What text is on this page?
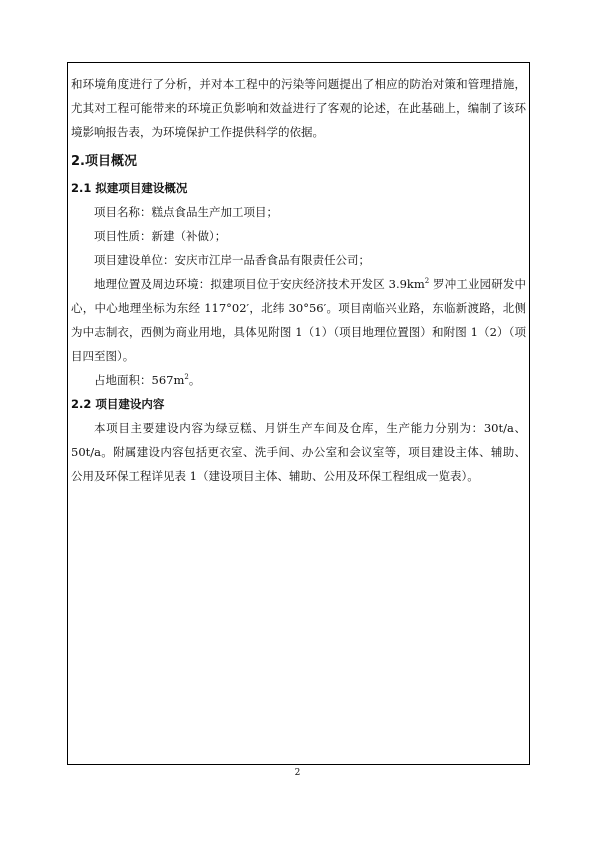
和环境角度进行了分析，并对本工程中的污染等问题提出了相应的防治对策和管理措施，尤其对工程可能带来的环境正负影响和效益进行了客观的论述，在此基础上，编制了该环境影响报告表，为环境保护工作提供科学的依据。

2.项目概况
2.1 拟建项目建设概况

项目名称：糕点食品生产加工项目；

项目性质：新建（补做）；

项目建设单位：安庆市江岸一品香食品有限责任公司；

地理位置及周边环境：拟建项目位于安庆经济技术开发区 $3.9km^2$ 罗冲工业园研发中心，中心地理坐标为东经 117°02′，北纬 30°56′。项目南临兴业路，东临新渡路，北侧为中志制衣，西侧为商业用地，具体见附图 1（1）（项目地理位置图）和附图 1（2）（项目四至图）。

占地面积：$567m^2$。

2.2 项目建设内容

本项目主要建设内容为绿豆糕、月饼生产车间及仓库，生产能力分别为：30t/a、50t/a。附属建设内容包括更衣室、洗手间、办公室和会议室等，项目建设主体、辅助、公用及环保工程详见表 1（建设项目主体、辅助、公用及环保工程组成一览表）。

2
